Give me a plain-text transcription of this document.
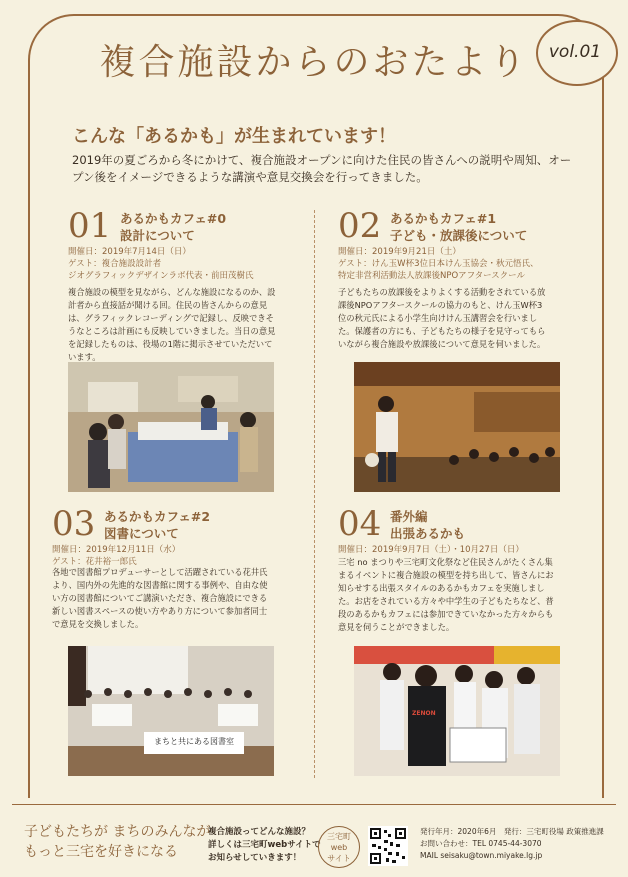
複合施設からのおたより	vol.01
こんな「あるかも」が生まれています！
2019年の夏ごろから冬にかけて、複合施設オープンに向けた住民の皆さんへの説明や周知、オープン後をイメージできるような講演や意見交換会を行ってきました。
01 あるかもカフェ#0
設計について
開催日：2019年7月14日（日）
ゲスト：複合施設設計者
ジオグラフィックデザインラボ代表・前田茂樹氏
複合施設の模型を見ながら、どんな施設になるのか、設計者から直接話が聞ける回。住民の皆さんからの意見は、グラフィックレコーディングで記録し、反映できそうなところは計画にも反映していきました。当日の意見を記録したものは、役場の1階に掲示させていただいています。
02 あるかもカフェ#1
子ども・放課後について
開催日：2019年9月21日（土）
ゲスト：けん玉W杯3位日本けん玉協会・秋元悟氏、
特定非営利活動法人放課後NPOアフタースクール
子どもたちの放課後をよりよくする活動をされている放課後NPOアフタースクールの協力のもと、けん玉W杯3位の秋元氏による小学生向けけん玉講習会を行いました。保護者の方にも、子どもたちの様子を見守ってもらいながら複合施設や放課後について意見を伺いました。
03 あるかもカフェ#2
図書について
開催日：2019年12月11日（水）
ゲスト：花井裕一郎氏
各地で図書館プロデューサーとして活躍されている花井氏より、国内外の先進的な図書館に関する事例や、自由な使い方の図書館についてご講演いただき、複合施設にできる新しい図書スペースの使い方やあり方について参加者同士で意見を交換しました。
まちと共にある図書室
04 番外編
出張あるかも
開催日：2019年9月7日（土）・10月27日（日）
三宅 no まつりや三宅町文化祭など住民さんがたくさん集まるイベントに複合施設の模型を持ち出して、皆さんにお知らせする出張スタイルのあるかもカフェを実施しました。お店をされている方々や中学生の子どもたちなど、普段のあるかもカフェには参加できていなかった方々からも意見を伺うことができました。
ZENON
子どもたちが まちのみんなが
もっと三宅を好きになる
複合施設ってどんな施設？
詳しくは三宅町webサイトで
お知らせしていきます！
三宅町
web
サイト
発行年月：2020年6月　発行：三宅町役場 政策推進課
お問い合わせ：TEL 0745-44-3070
MAIL seisaku@town.miyake.lg.jp
